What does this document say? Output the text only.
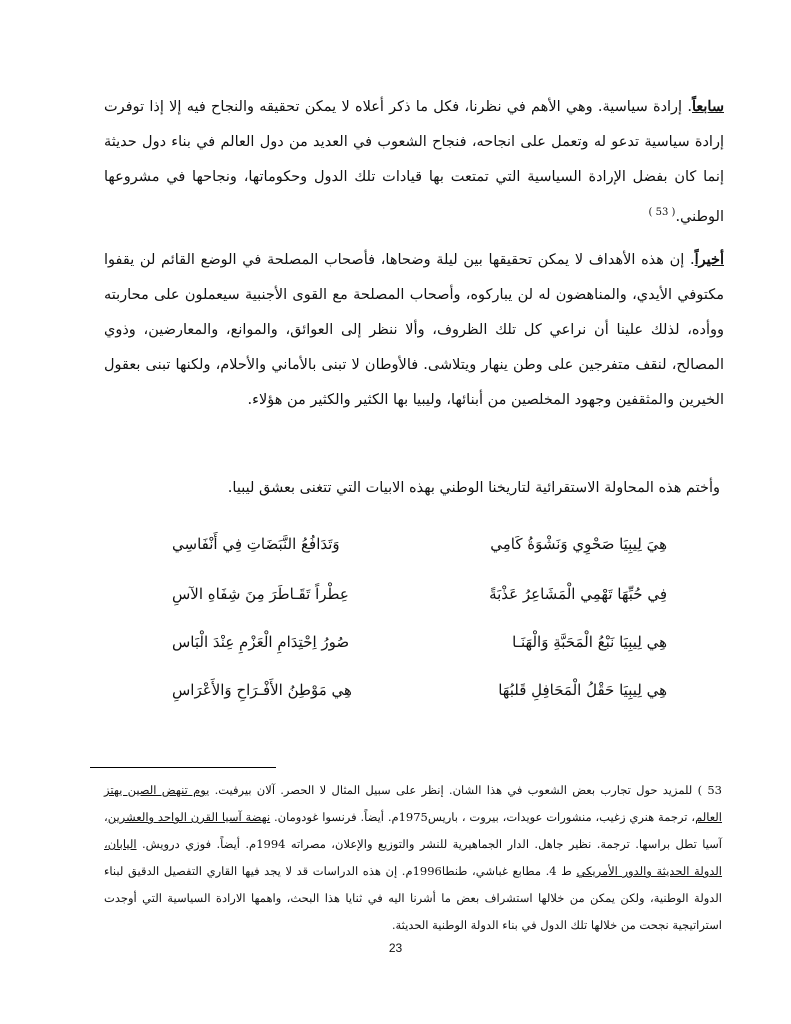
سابعاً. إرادة سياسية. وهي الأهم في نظرنا، فكل ما ذكر أعلاه لا يمكن تحقيقه والنجاح فيه إلا إذا توفرت إرادة سياسية تدعو له وتعمل على انجاحه، فنجاح الشعوب في العديد من دول العالم في بناء دول حديثة إنما كان بفضل الإرادة السياسية التي تمتعت بها قيادات تلك الدول وحكوماتها، ونجاحها في مشروعها الوطني.$^{( 53 )}$

أخيراً. إن هذه الأهداف لا يمكن تحقيقها بين ليلة وضحاها، فأصحاب المصلحة في الوضع القائم لن يقفوا مكتوفي الأيدي، والمناهضون له لن يباركوه، وأصحاب المصلحة مع القوى الأجنبية سيعملون على محاربته ووأده، لذلك علينا أن نراعي كل تلك الظروف، وألا ننظر إلى العوائق، والموانع، والمعارضين، وذوي المصالح، لنقف متفرجين على وطن ينهار ويتلاشى. فالأوطان لا تبنى بالأماني والأحلام، ولكنها تبنى بعقول الخيرين والمثقفين وجهود المخلصين من أبنائها، وليبيا بها الكثير والكثير من هؤلاء.

وأختم هذه المحاولة الاستقرائية لتاريخنا الوطني بهذه الابيات التي تتغنى بعشق ليبيا.

هِيَ لِيبِيَا صَحْوِي وَنَشْوَةُ كَامِي

وَتَدَافُعُ النَّبَضَاتِ فِي أَنْفَاسِي

فِي حُبِّهَا تَهْمِي الْمَشَاعِرُ عَذْبَةً

عِطْراً تَقَـاطَرَ مِنَ شِفَاهِ الآسِ

هِي لِيبِيَا نَبْعُ الْمَحَبَّةِ وَالْهَنَـا

صُورُ اِحْتِدَامِ الْعَزْمِ عِنْدَ الْبَاس

هِي لِيبِيَا حَقْلُ الْمَحَافِلِ قَلبُهَا

هِي مَوْطِنُ الأَفْـرَاحِ وَالأَعْرَاسِ

53 ) للمزيد حول تجارب بعض الشعوب في هذا الشان. إنظر على سبيل المثال لا الحصر. آلان بيرفيت. يوم تنهض الصين يهتز العالم، ترجمة هنري زغيب، منشورات عويدات، بيروت ، باريس1975م. أيضاً. فرنسوا غودومان. نهضة آسيا القرن الواحد والعشرين، آسيا تطل براسها. ترجمة. نظير جاهل. الدار الجماهيرية للنشر والتوزيع والإعلان، مصراته 1994م. أيضاً. فوزي درويش. اليابان، الدولة الحديثة والدور الأمريكي ط 4. مطابع غباشي، طنطا1996م. إن هذه الدراسات قد لا يجد فيها القاري التفصيل الدقيق لبناء الدولة الوطنية، ولكن يمكن من خلالها استشراف بعض ما أشرنا اليه في ثنايا هذا البحث، واهمها الارادة السياسية التي أوجدت استراتيجية نجحت من خلالها تلك الدول في بناء الدولة الوطنية الحديثة.

23
